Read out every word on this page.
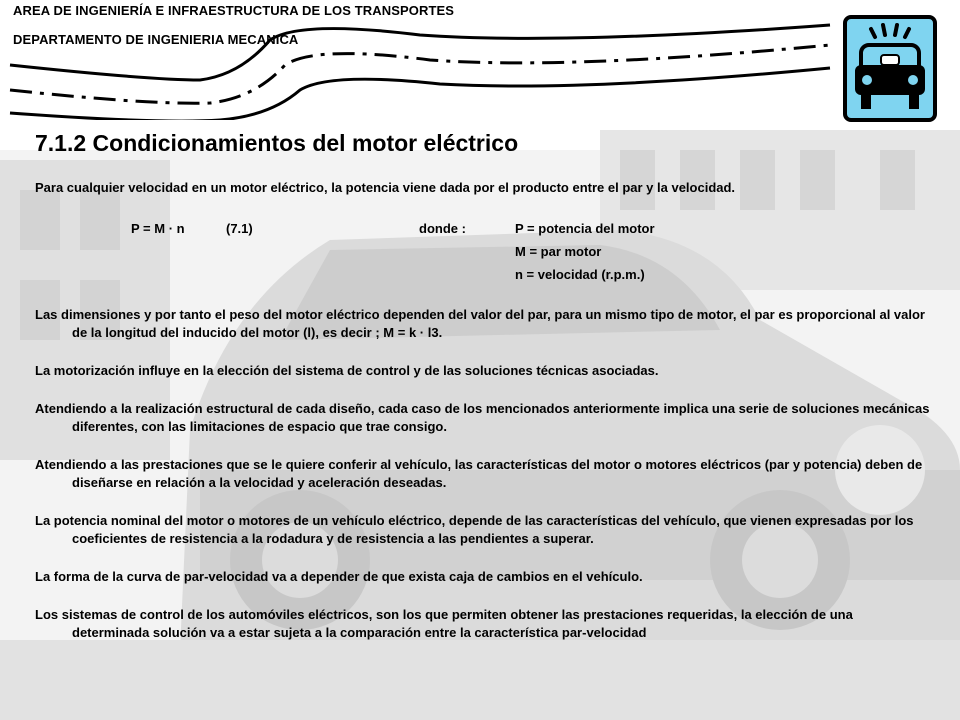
AREA DE INGENIERÍA E INFRAESTRUCTURA DE LOS TRANSPORTES
DEPARTAMENTO DE INGENIERIA MECANICA
7.1.2 Condicionamientos del motor eléctrico

Para cualquier velocidad en un motor eléctrico, la potencia viene dada por el producto entre el par y la velocidad.

P = M · n	(7.1)	donde :	P = potencia del motor
M = par motor
n = velocidad (r.p.m.)

Las dimensiones y por tanto el peso del motor eléctrico dependen del valor del par, para un mismo tipo de motor, el par es proporcional al valor de la longitud del inducido del motor (l), es decir ; M = k · l3.

La motorización influye en la elección del sistema de control y de las soluciones técnicas asociadas.

Atendiendo a la realización estructural de cada diseño, cada caso de los mencionados anteriormente implica una serie de soluciones mecánicas diferentes, con las limitaciones de espacio que trae consigo.

Atendiendo a las prestaciones que se le quiere conferir al vehículo, las características del motor o motores eléctricos (par y potencia) deben de diseñarse en relación a la velocidad y aceleración deseadas.

La potencia nominal del motor o motores de un vehículo eléctrico, depende de las características del vehículo, que vienen expresadas por los coeficientes de resistencia a la rodadura y de resistencia a las pendientes a superar.

La forma de la curva de par-velocidad va a depender de que exista caja de cambios en el vehículo.

Los sistemas de control de los automóviles eléctricos, son los que permiten obtener las prestaciones requeridas, la elección de una determinada solución va a estar sujeta a la comparación entre la característica par-velocidad
